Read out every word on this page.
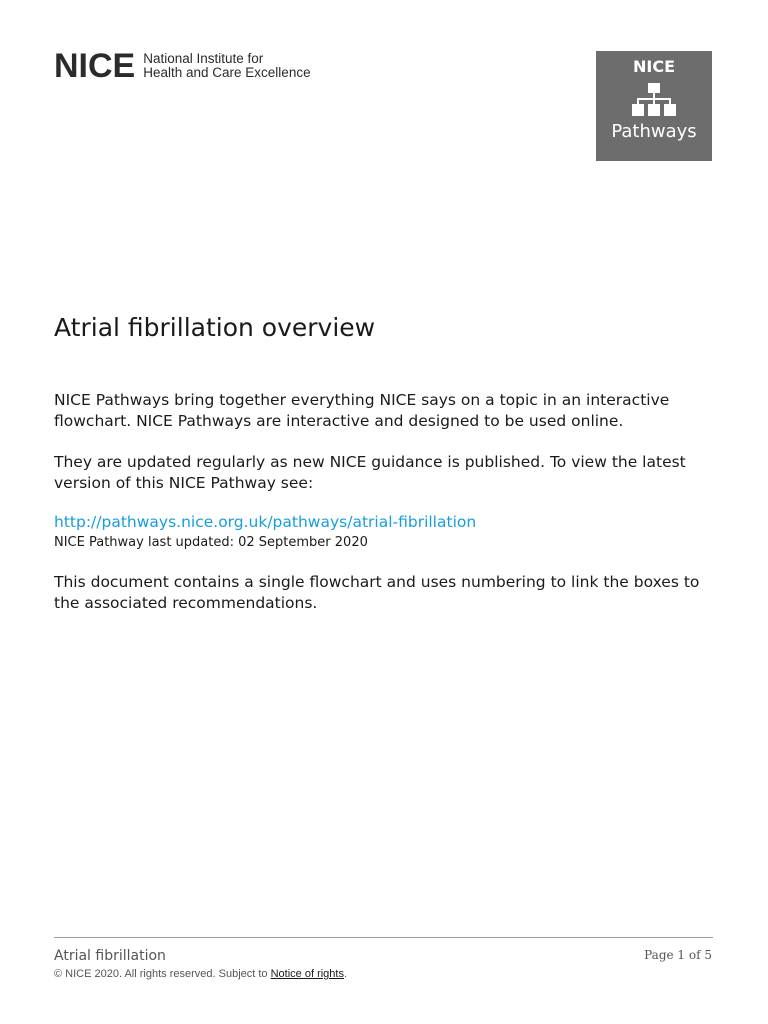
NICE National Institute for
Health and Care Excellence	NICE
Pathways
Atrial fibrillation overview

NICE Pathways bring together everything NICE says on a topic in an interactive flowchart. NICE Pathways are interactive and designed to be used online.

They are updated regularly as new NICE guidance is published. To view the latest version of this NICE Pathway see:

http://pathways.nice.org.uk/pathways/atrial-fibrillation
NICE Pathway last updated: 02 September 2020

This document contains a single flowchart and uses numbering to link the boxes to the associated recommendations.

Atrial fibrillation	Page 1 of 5
© NICE 2020. All rights reserved. Subject to Notice of rights.
